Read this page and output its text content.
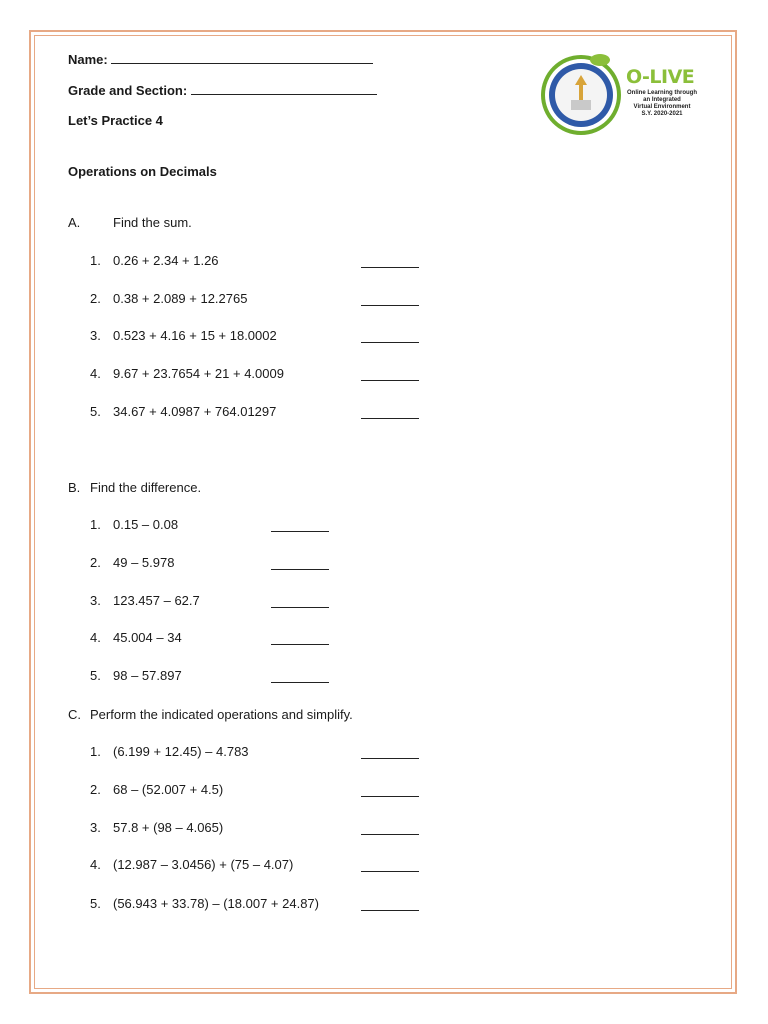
Name:
Grade and Section:
Let’s Practice 4
Operations on Decimals
O-LIVE
Online Learning through
an Integrated
Virtual Environment
S.Y. 2020-2021
A.	Find the sum.
1. 0.26 + 2.34 + 1.26
2. 0.38 + 2.089 + 12.2765
3. 0.523 + 4.16 + 15 + 18.0002
4. 9.67 + 23.7654 + 21 + 4.0009
5. 34.67 + 4.0987 + 764.01297
B. Find the difference.
1. 0.15 – 0.08
2. 49 – 5.978
3. 123.457 – 62.7
4. 45.004 – 34
5. 98 – 57.897
C. Perform the indicated operations and simplify.
1. (6.199 + 12.45) – 4.783
2. 68 – (52.007 + 4.5)
3. 57.8 + (98 – 4.065)
4. (12.987 – 3.0456) + (75 – 4.07)
5. (56.943 + 33.78) – (18.007 + 24.87)
